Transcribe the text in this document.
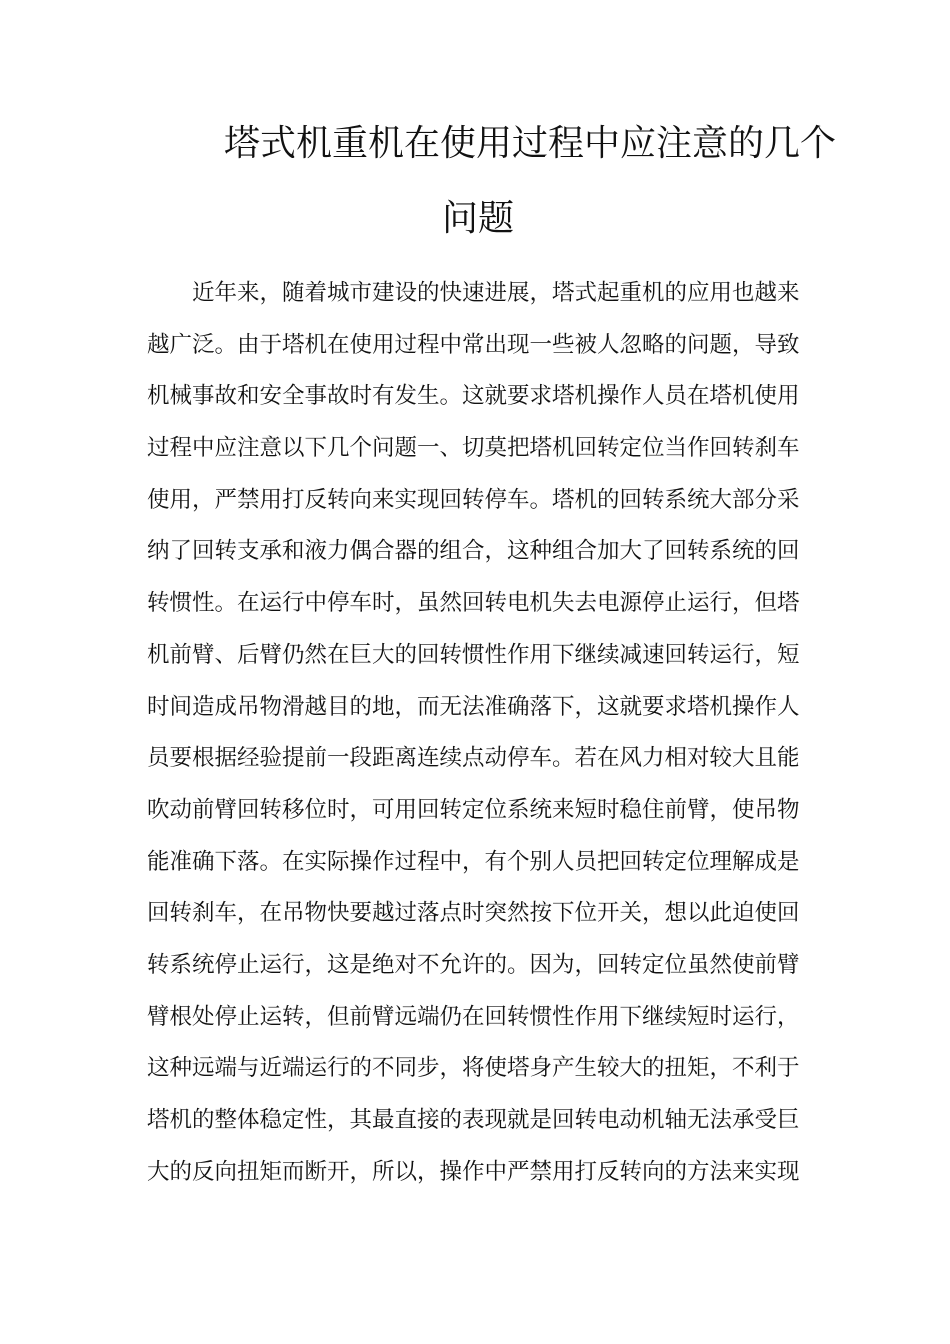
塔式机重机在使用过程中应注意的几个
问题
近年来，随着城市建设的快速进展，塔式起重机的应用也越来
越广泛。由于塔机在使用过程中常出现一些被人忽略的问题，导致
机械事故和安全事故时有发生。这就要求塔机操作人员在塔机使用
过程中应注意以下几个问题一、切莫把塔机回转定位当作回转刹车
使用，严禁用打反转向来实现回转停车。塔机的回转系统大部分采
纳了回转支承和液力偶合器的组合，这种组合加大了回转系统的回
转惯性。在运行中停车时，虽然回转电机失去电源停止运行，但塔
机前臂、后臂仍然在巨大的回转惯性作用下继续减速回转运行，短
时间造成吊物滑越目的地，而无法准确落下，这就要求塔机操作人
员要根据经验提前一段距离连续点动停车。若在风力相对较大且能
吹动前臂回转移位时，可用回转定位系统来短时稳住前臂，使吊物
能准确下落。在实际操作过程中，有个别人员把回转定位理解成是
回转刹车，在吊物快要越过落点时突然按下位开关，想以此迫使回
转系统停止运行，这是绝对不允许的。因为，回转定位虽然使前臂
臂根处停止运转，但前臂远端仍在回转惯性作用下继续短时运行，
这种远端与近端运行的不同步，将使塔身产生较大的扭矩，不利于
塔机的整体稳定性，其最直接的表现就是回转电动机轴无法承受巨
大的反向扭矩而断开，所以，操作中严禁用打反转向的方法来实现
